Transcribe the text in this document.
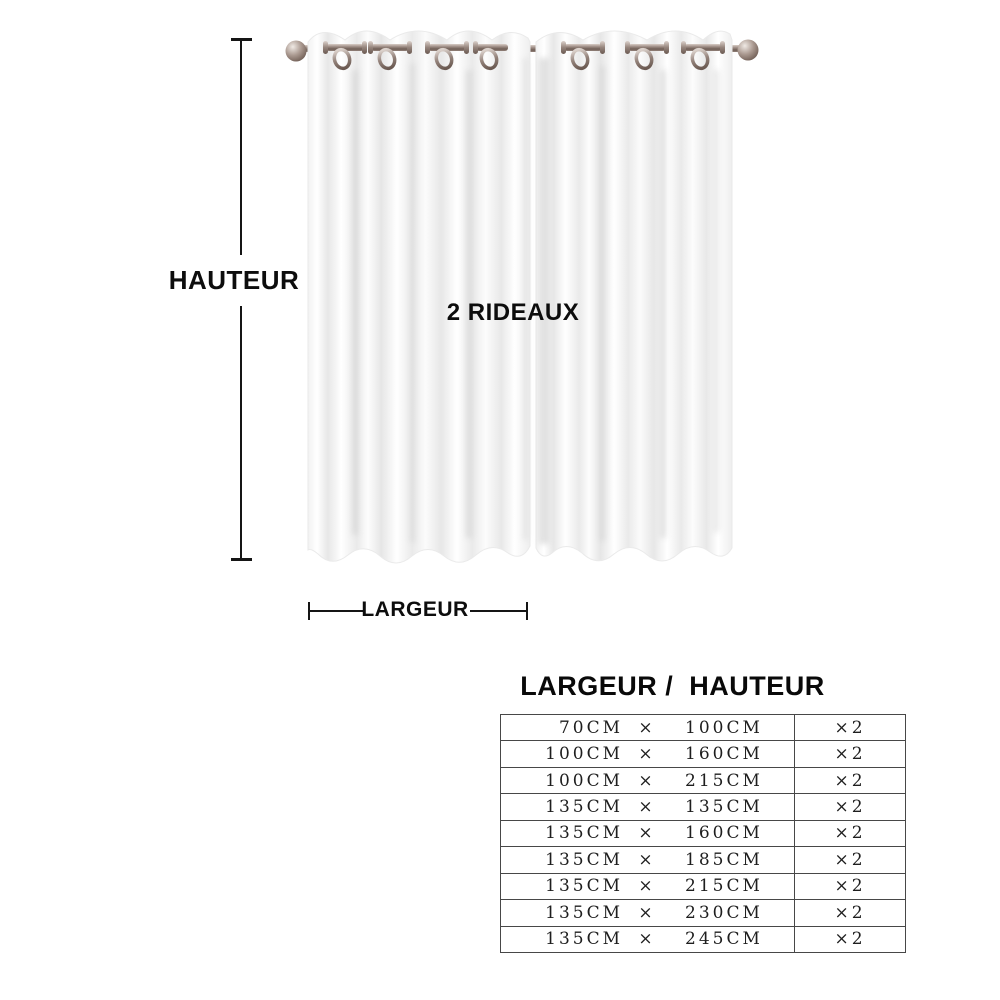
HAUTEUR
2 RIDEAUX
LARGEUR
LARGEUR /  HAUTEUR
70CM ×	100CM	×2
100CM ×	160CM	×2
100CM ×	215CM	×2
135CM ×	135CM	×2
135CM ×	160CM	×2
135CM ×	185CM	×2
135CM ×	215CM	×2
135CM ×	230CM	×2
135CM ×	245CM	×2
